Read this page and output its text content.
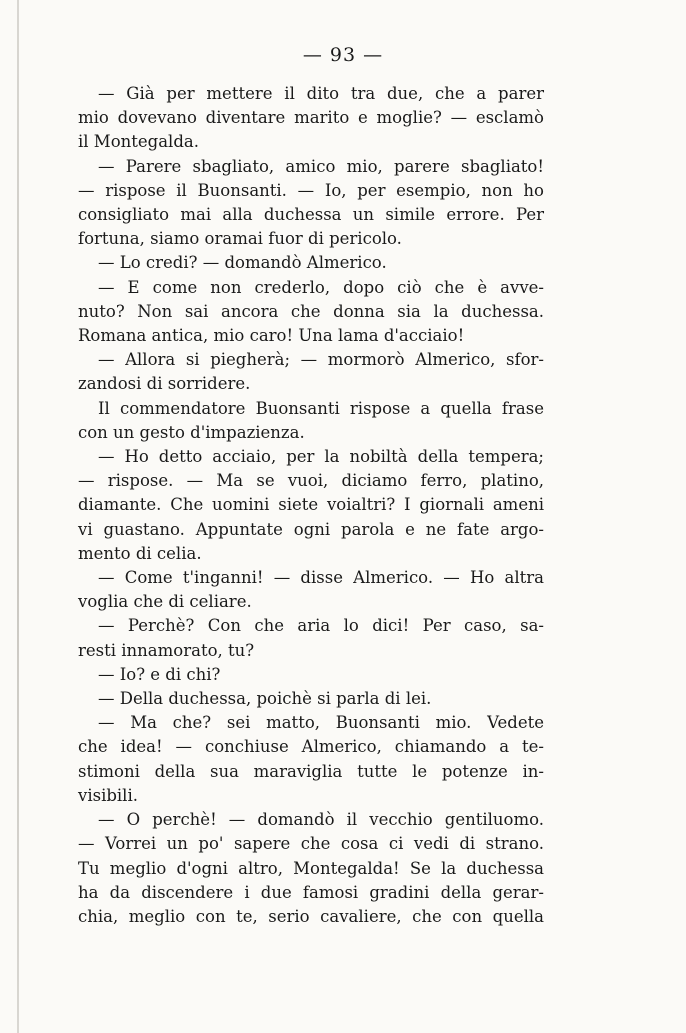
— 93 —
— Già per mettere il dito tra due, che a parer
mio dovevano diventare marito e moglie? — esclamò
il Montegalda.
— Parere sbagliato, amico mio, parere sbagliato!
— rispose il Buonsanti. — Io, per esempio, non ho
consigliato mai alla duchessa un simile errore. Per
fortuna, siamo oramai fuor di pericolo.
— Lo credi? — domandò Almerico.
— E come non crederlo, dopo ciò che è avve-
nuto? Non sai ancora che donna sia la duchessa.
Romana antica, mio caro! Una lama d'acciaio!
— Allora si piegherà; — mormorò Almerico, sfor-
zandosi di sorridere.
Il commendatore Buonsanti rispose a quella frase
con un gesto d'impazienza.
— Ho detto acciaio, per la nobiltà della tempera;
— rispose. — Ma se vuoi, diciamo ferro, platino,
diamante. Che uomini siete voialtri? I giornali ameni
vi guastano. Appuntate ogni parola e ne fate argo-
mento di celia.
— Come t'inganni! — disse Almerico. — Ho altra
voglia che di celiare.
— Perchè? Con che aria lo dici! Per caso, sa-
resti innamorato, tu?
— Io? e di chi?
— Della duchessa, poichè si parla di lei.
— Ma che? sei matto, Buonsanti mio. Vedete
che idea! — conchiuse Almerico, chiamando a te-
stimoni della sua maraviglia tutte le potenze in-
visibili.
— O perchè! — domandò il vecchio gentiluomo.
— Vorrei un po' sapere che cosa ci vedi di strano.
Tu meglio d'ogni altro, Montegalda! Se la duchessa
ha da discendere i due famosi gradini della gerar-
chia, meglio con te, serio cavaliere, che con quella
